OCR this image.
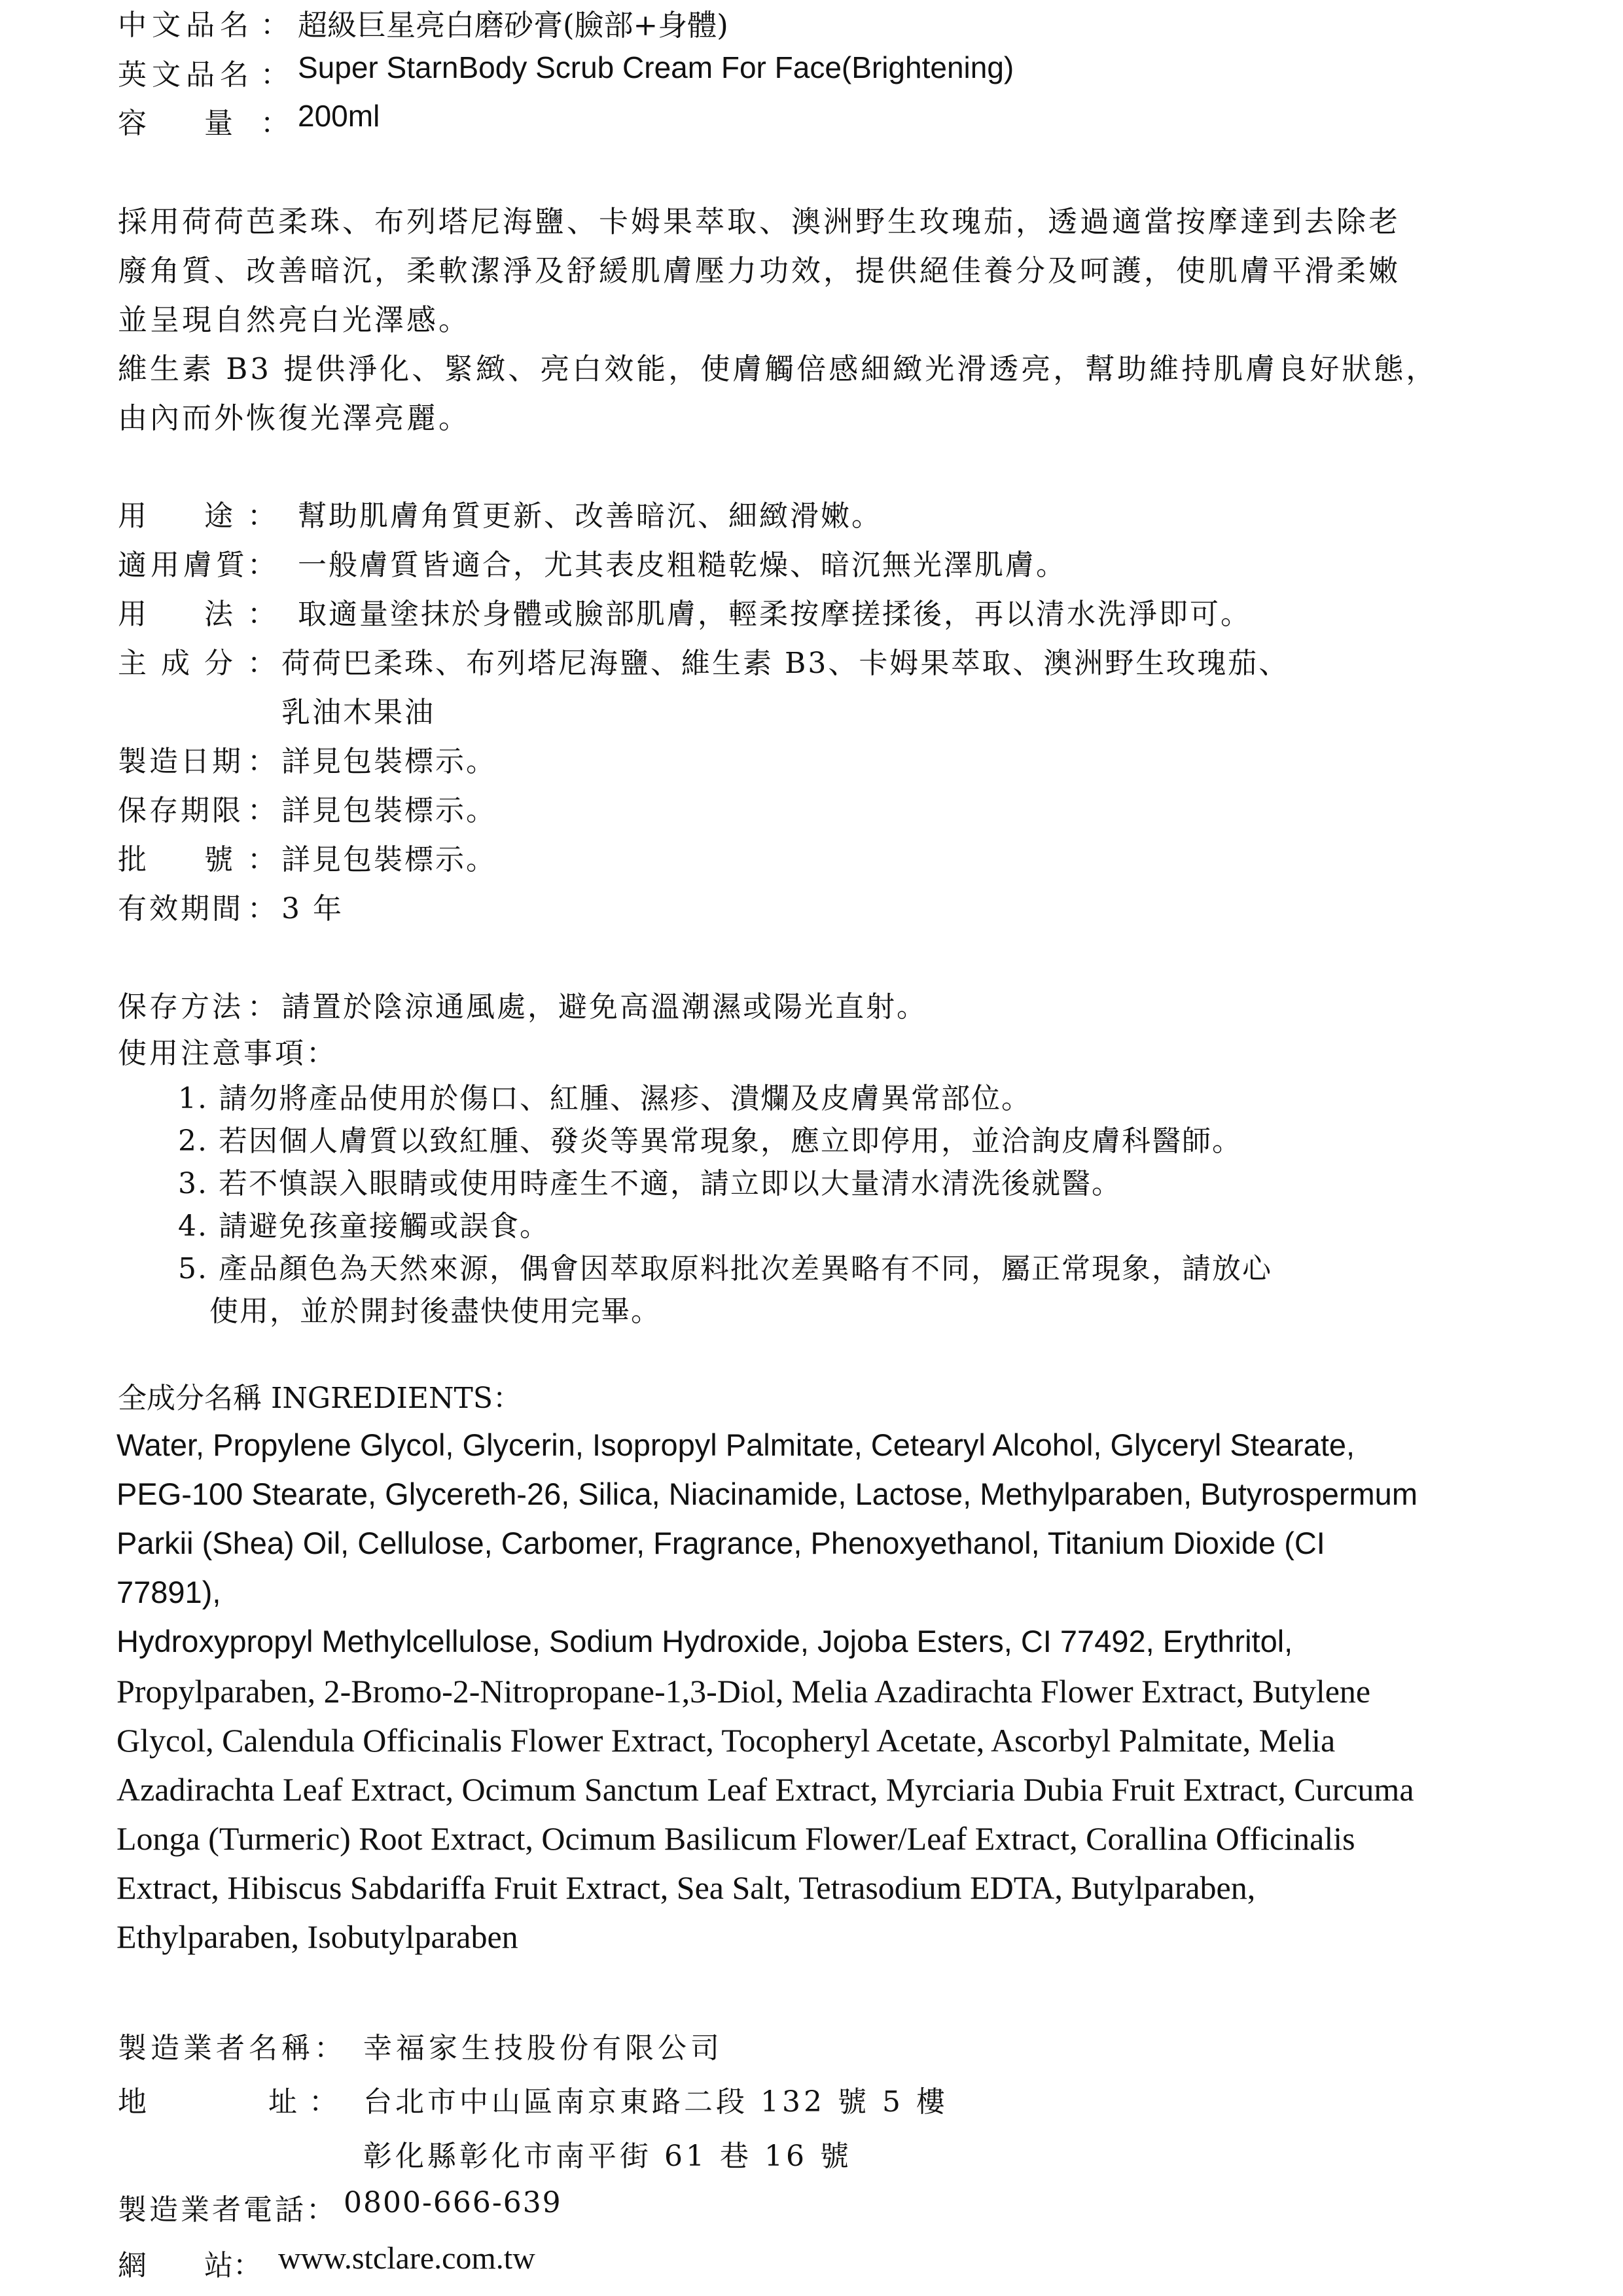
中文品名 ： 超級巨星亮白磨砂膏(臉部+身體)
英文品名 ： Super StarnBody Scrub Cream For Face(Brightening)
容　　量 ： 200ml
採用荷荷芭柔珠、布列塔尼海鹽、卡姆果萃取、澳洲野生玫瑰茄，透過適當按摩達到去除老
廢角質、改善暗沉，柔軟潔淨及舒緩肌膚壓力功效，提供絕佳養分及呵護，使肌膚平滑柔嫩
並呈現自然亮白光澤感。
維生素 B3 提供淨化、緊緻、亮白效能，使膚觸倍感細緻光滑透亮，幫助維持肌膚良好狀態，
由內而外恢復光澤亮麗。
用　　途 ： 幫助肌膚角質更新、改善暗沉、細緻滑嫩。
適用膚質
： 一般膚質皆適合，尤其表皮粗糙乾燥、暗沉無光澤肌膚。
用　　法 ： 取適量塗抹於身體或臉部肌膚，輕柔按摩搓揉後，再以清水洗淨即可。
主 成 分 ： 荷荷巴柔珠、布列塔尼海鹽、維生素 B3、卡姆果萃取、澳洲野生玫瑰茄、
乳油木果油
製造日期 ： 詳見包裝標示。
保存期限 ： 詳見包裝標示。
批　　號 ： 詳見包裝標示。
有效期間 ： 3 年
保存方法 ： 請置於陰涼通風處，避免高溫潮濕或陽光直射。
使用注意事項：
1. 請勿將產品使用於傷口、紅腫、濕疹、潰爛及皮膚異常部位。
2. 若因個人膚質以致紅腫、發炎等異常現象，應立即停用，並洽詢皮膚科醫師。
3. 若不慎誤入眼睛或使用時產生不適，請立即以大量清水清洗後就醫。
4. 請避免孩童接觸或誤食。
5. 產品顏色為天然來源，偶會因萃取原料批次差異略有不同，屬正常現象，請放心
使用，並於開封後盡快使用完畢。
全成分名稱 INGREDIENTS：
Water, Propylene Glycol, Glycerin, Isopropyl Palmitate, Cetearyl Alcohol, Glyceryl Stearate,
PEG-100 Stearate, Glycereth-26, Silica, Niacinamide, Lactose, Methylparaben, Butyrospermum
Parkii (Shea) Oil, Cellulose, Carbomer, Fragrance, Phenoxyethanol, Titanium Dioxide (CI
77891),
Hydroxypropyl Methylcellulose, Sodium Hydroxide, Jojoba Esters, CI 77492, Erythritol,
Propylparaben, 2-Bromo-2-Nitropropane-1,3-Diol, Melia Azadirachta Flower Extract, Butylene
Glycol, Calendula Officinalis Flower Extract, Tocopheryl Acetate, Ascorbyl Palmitate, Melia
Azadirachta Leaf Extract, Ocimum Sanctum Leaf Extract, Myrciaria Dubia Fruit Extract, Curcuma
Longa (Turmeric) Root Extract, Ocimum Basilicum Flower/Leaf Extract, Corallina Officinalis
Extract, Hibiscus Sabdariffa Fruit Extract, Sea Salt, Tetrasodium EDTA, Butylparaben,
Ethylparaben, Isobutylparaben
製造業者名稱： 幸福家生技股份有限公司
地　　　　址 ： 台北市中山區南京東路二段 132 號 5 樓
彰化縣彰化市南平街 61 巷 16 號
製造業者電話： 0800-666-639
網　　站： www.stclare.com.tw
